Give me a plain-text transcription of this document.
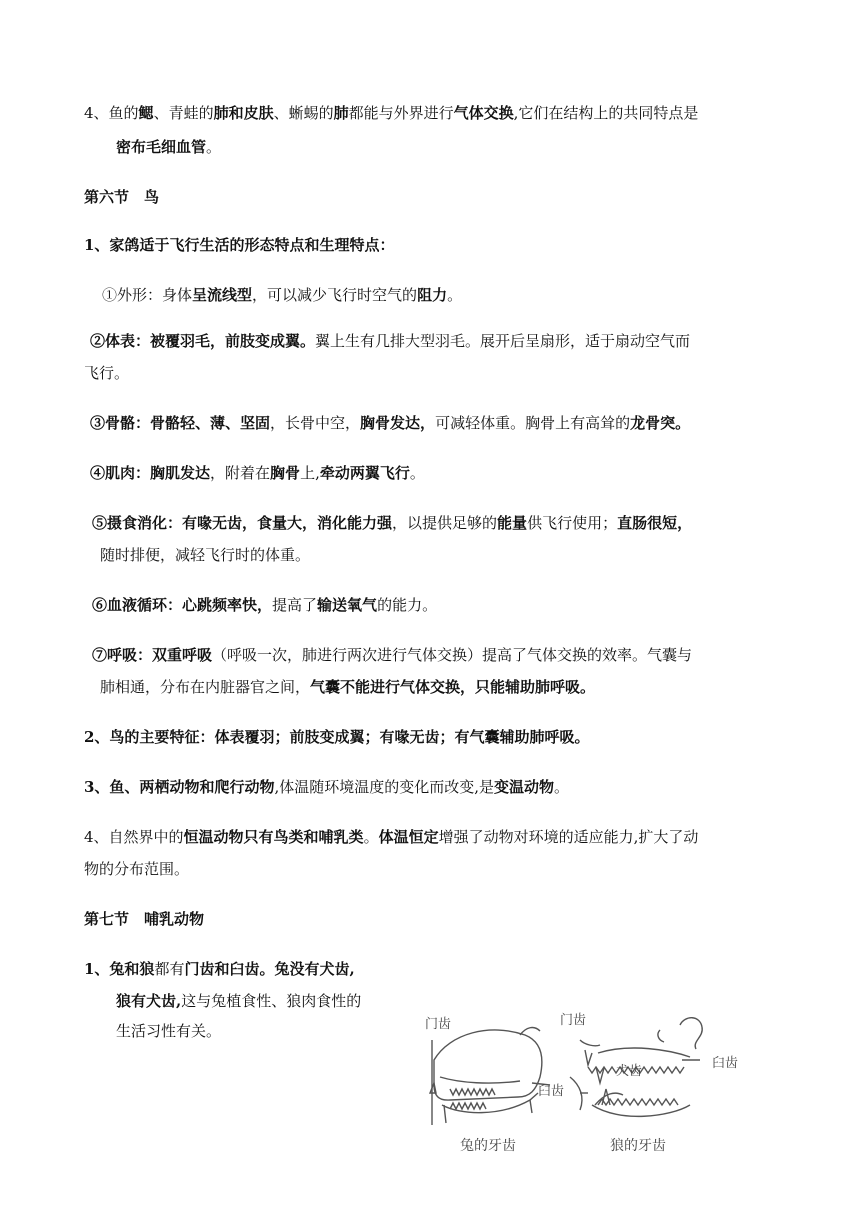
4、鱼的鳃、青蛙的肺和皮肤、蜥蜴的肺都能与外界进行气体交换,它们在结构上的共同特点是
密布毛细血管。
第六节　鸟
1、家鸽适于飞行生活的形态特点和生理特点：
①外形：身体呈流线型，可以减少飞行时空气的阻力。
②体表：被覆羽毛，前肢变成翼。翼上生有几排大型羽毛。展开后呈扇形，适于扇动空气而
飞行。
③骨骼：骨骼轻、薄、坚固，长骨中空，胸骨发达，可减轻体重。胸骨上有高耸的龙骨突。
④肌肉：胸肌发达，附着在胸骨上,牵动两翼飞行。
⑤摄食消化：有喙无齿，食量大，消化能力强，以提供足够的能量供飞行使用；直肠很短，
随时排便，减轻飞行时的体重。
⑥血液循环：心跳频率快，提高了输送氧气的能力。
⑦呼吸：双重呼吸（呼吸一次，肺进行两次进行气体交换）提高了气体交换的效率。气囊与
肺相通，分布在内脏器官之间，气囊不能进行气体交换，只能辅助肺呼吸。
2、鸟的主要特征：体表覆羽；前肢变成翼；有喙无齿；有气囊辅助肺呼吸。
3、鱼、两栖动物和爬行动物,体温随环境温度的变化而改变,是变温动物。
4、自然界中的恒温动物只有鸟类和哺乳类。体温恒定增强了动物对环境的适应能力,扩大了动
物的分布范围。
第七节　哺乳动物
1、兔和狼都有门齿和臼齿。兔没有犬齿,
狼有犬齿,这与兔植食性、狼肉食性的
生活习性有关。	门齿
臼齿
兔的牙齿
门齿
犬齿
臼齿
狼的牙齿
